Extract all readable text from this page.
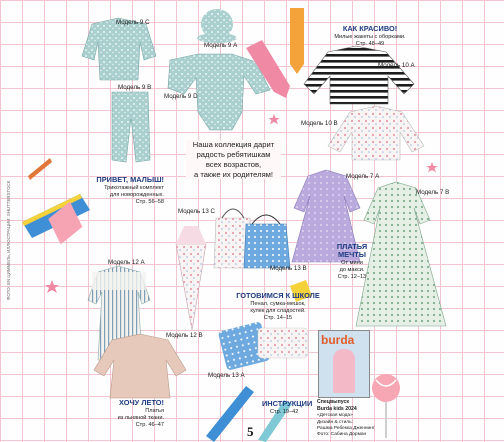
Модель 9 С
Модель 9 А
Модель 9 В
Модель 9 D
Модель 10 А
Модель 10 В
Модель 7 А
Модель 7 В
Модель 13 С
Модель 13 В
Модель 13 А
Модель 12 А
Модель 12 В
КАК КРАСИВО!
Милые жакеты с оборками.
Стр. 48–49
ПРИВЕТ, МАЛЫШ!
Трикотажный комплект
для новорожденных.
Стр. 56–58
Наша коллекция дарит
радость ребятишкам
всех возрастов,
а также их родителям!
ПЛАТЬЯ
МЕЧТЫ
От мини
до макси.
Стр. 12–13
ГОТОВИМСЯ К ШКОЛЕ
Пенал, сумка-мешок,
кулек для сладостей.
Стр. 14–15
ХОЧУ ЛЕТО!
Платья
из льняной ткани.
Стр. 46–47
ИНСТРУКЦИИ
Стр. 19–42
burda
Спецвыпуск
Burda kids 2024
«Детская мода»
Дизайн & стиль:
Рашма Ребекка Дженнинг
Фото: Сабина Дорман
ФОТО: EN ЦИММЕЛЬ, ИЛЛЮСТРАЦИИ: SHUTTERSTOCK
5
